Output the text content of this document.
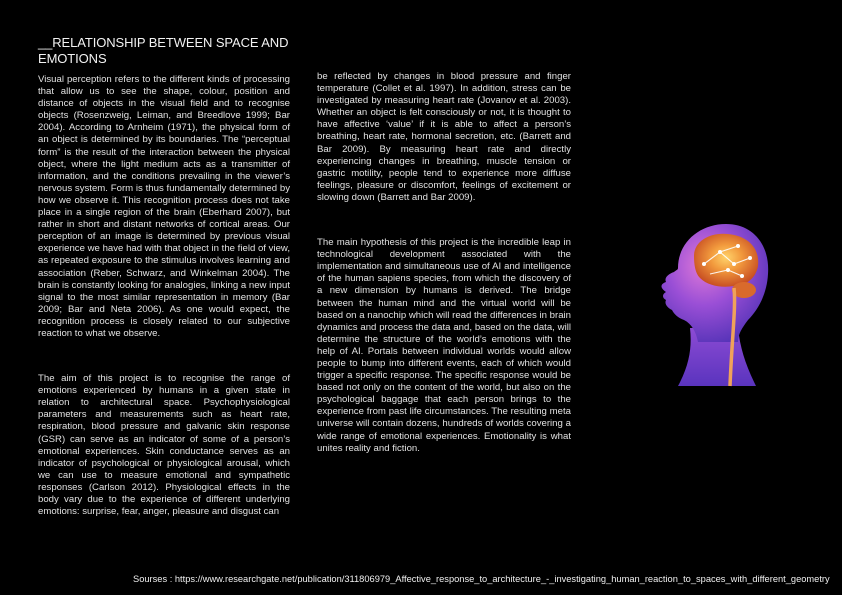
__RELATIONSHIP BETWEEN SPACE AND EMOTIONS

Visual perception refers to the different kinds of processing that allow us to see the shape, colour, position and distance of objects in the visual field and to recognise objects (Rosenzweig, Leiman, and Breedlove 1999; Bar 2004). According to Arnheim (1971), the physical form of an object is determined by its boundaries. The “perceptual form” is the result of the interaction between the physical object, where the light medium acts as a transmitter of information, and the conditions prevailing in the viewer’s nervous system. Form is thus fundamentally determined by how we observe it. This recognition process does not take place in a single region of the brain (Eberhard 2007), but rather in short and distant networks of cortical areas. Our perception of an image is determined by previous visual experience we have had with that object in the field of view, as repeated exposure to the stimulus involves learning and association (Reber, Schwarz, and Winkelman 2004). The brain is constantly looking for analogies, linking a new input signal to the most similar representation in memory (Bar 2009; Bar and Neta 2006). As one would expect, the recognition process is closely related to our subjective reaction to what we observe.

The aim of this project is to recognise the range of emotions experienced by humans in a given state in relation to architectural space. Psychophysiological parameters and measurements such as heart rate, respiration, blood pressure and galvanic skin response (GSR) can serve as an indicator of some of a person’s emotional experiences. Skin conductance serves as an indicator of psychological or physiological arousal, which we can use to measure emotional and sympathetic responses (Carlson 2012). Physiological effects in the body vary due to the experience of different underlying emotions: surprise, fear, anger, pleasure and disgust can

be reflected by changes in blood pressure and finger temperature (Collet et al. 1997). In addition, stress can be investigated by measuring heart rate (Jovanov et al. 2003). Whether an object is felt consciously or not, it is thought to have affective ‘value’ if it is able to affect a person’s breathing, heart rate, hormonal secretion, etc. (Barrett and Bar 2009). By measuring heart rate and directly experiencing changes in breathing, muscle tension or gastric motility, people tend to experience more diffuse feelings, pleasure or discomfort, feelings of excitement or slowing down (Barrett and Bar 2009).

The main hypothesis of this project is the incredible leap in technological development associated with the implementation and simultaneous use of AI and intelligence of the human sapiens species, from which the discovery of a new dimension by humans is derived. The bridge between the human mind and the virtual world will be based on a nanochip which will read the differences in brain dynamics and process the data and, based on the data, will determine the structure of the world’s emotions with the help of AI. Portals between individual worlds would allow people to bump into different events, each of which would trigger a specific response. The specific response would be based not only on the content of the world, but also on the psychological baggage that each person brings to the experience from past life circumstances. The resulting meta universe will contain dozens, hundreds of worlds covering a wide range of emotional experiences. Emotionality is what unites reality and fiction.

Sourses : https://www.researchgate.net/publication/311806979_Affective_response_to_architecture_-_investigating_human_reaction_to_spaces_with_different_geometry
